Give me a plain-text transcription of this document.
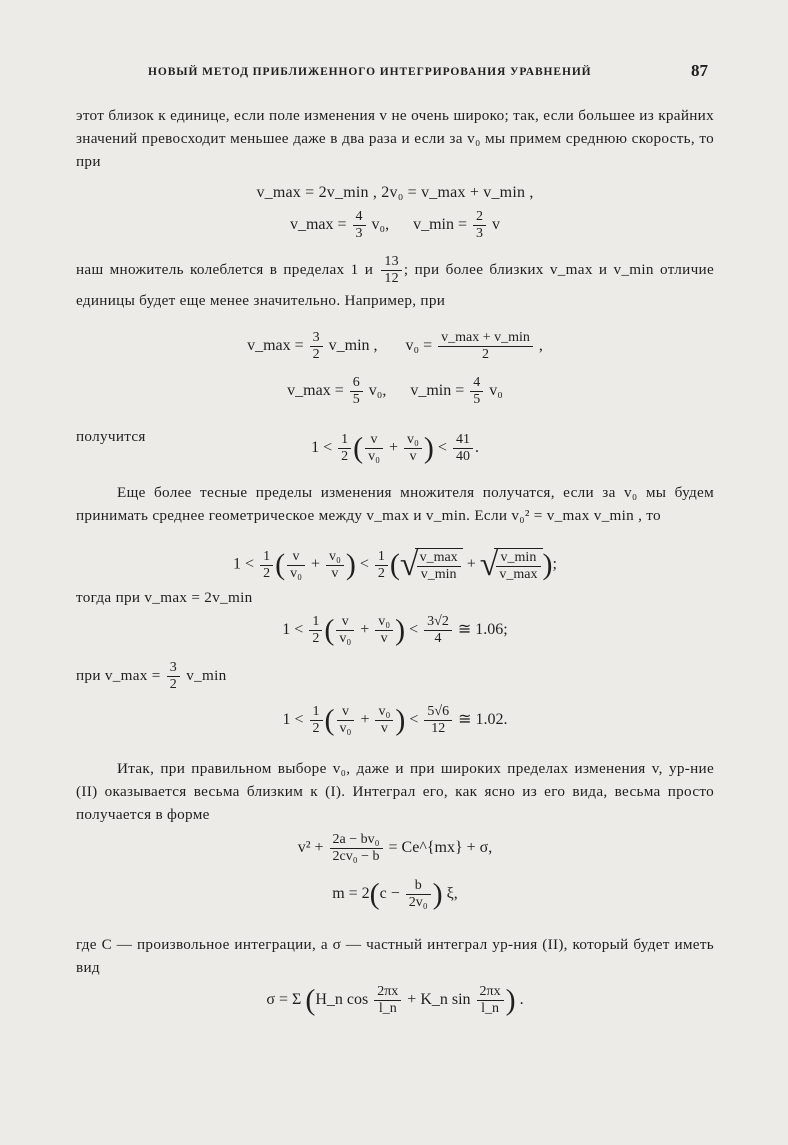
НОВЫЙ МЕТОД ПРИБЛИЖЕННОГО ИНТЕГРИРОВАНИЯ УРАВНЕНИЙ	87
этот близок к единице, если поле изменения v не очень широко; так, если большее из крайних значений превосходит меньшее даже в два раза и если за v₀ мы примем среднюю скорость, то при
v_max = 2v_min , 2v₀ = v_max + v_min ,
v_max = $\frac{4}{3} v_0$, v_min = $\frac{2}{3}$ v
наш множитель колеблется в пределах 1 и $\frac{13}{12}$ ; при более близких v_max и v_min отличие единицы будет еще менее значительно. Например, при
v_max = $\frac{3}{2}$ v_min , $v_0 = \frac{v\_\max + v\_\min}{2}$ ,
v_max = $\frac{6}{5} v_0$, v_min = $\frac{4}{5} v_0$
получится
$1 < \frac{1}{2}$ ( $\frac{v}{\text{v₀}} + \frac{\text{v₀}}{v}$ ) < $\frac{41}{40}$ .
Еще более тесные пределы изменения множителя получатся, если за v₀ мы будем принимать среднее геометрическое между v_max и v_min. Если v₀² = v_max v_min , то
$1 < \frac{1}{2}$ ( $\frac{v}{\text{v₀}} + \frac{\text{v₀}}{v}$ ) < $\frac{1}{2}$ (√
$\frac{v\_\max}{v\_\min}$ + √
$\frac{v\_\min}{v\_\max}$ );
тогда при v_max = 2v_min
$1 < \frac{1}{2}$ ( $\frac{v}{\text{v₀}} + \frac{\text{v₀}}{v}$ ) < $\frac{3√2}{4}$ ≅ 1.06;
при v_max = $\frac{3}{2}$ v_min
$1 < \frac{1}{2}$ ( $\frac{v}{\text{v₀}} + \frac{\text{v₀}}{v}$ ) < $\frac{5√6}{12}$ ≅ 1.02.
Итак, при правильном выборе v₀, даже и при широких пределах изменения v, ур-ние (II) оказывается весьма близким к (I). Интеграл его, как ясно из его вида, весьма просто получается в форме
$v^2 + \frac{\text{2a − bv₀}}{\text{2cv₀ − b}}$ = Ce^{mx} + σ,
$m = 2(c - \frac{b}{\text{2v₀}}$ ) ξ,
где C — произвольное интеграции, а σ — частный интеграл ур-ния (II), который будет иметь вид
σ = Σ (H_n $\cos \frac{2\pi x}{l\_n}$ + K_n $\sin \frac{2\pi x}{l\_n}$ ) .
